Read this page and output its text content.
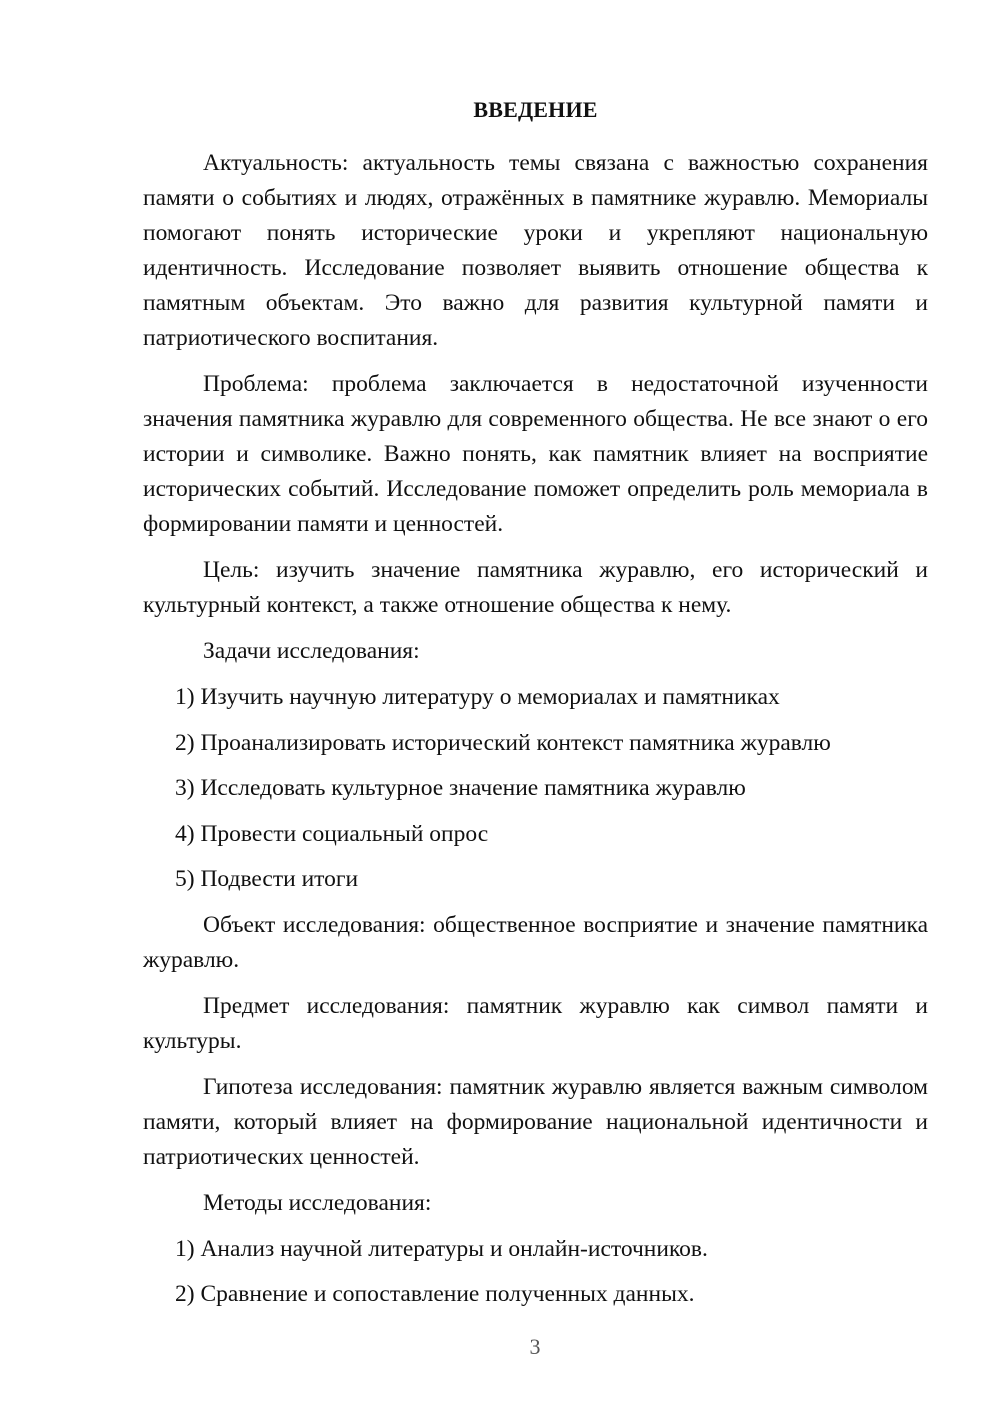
ВВЕДЕНИЕ

Актуальность: актуальность темы связана с важностью сохранения памяти о событиях и людях, отражённых в памятнике журавлю. Мемориалы помогают понять исторические уроки и укрепляют национальную идентичность. Исследование позволяет выявить отношение общества к памятным объектам. Это важно для развития культурной памяти и патриотического воспитания.

Проблема: проблема заключается в недостаточной изученности значения памятника журавлю для современного общества. Не все знают о его истории и символике. Важно понять, как памятник влияет на восприятие исторических событий. Исследование поможет определить роль мемориала в формировании памяти и ценностей.

Цель: изучить значение памятника журавлю, его исторический и культурный контекст, а также отношение общества к нему.

Задачи исследования:

1) Изучить научную литературу о мемориалах и памятниках
2) Проанализировать исторический контекст памятника журавлю
3) Исследовать культурное значение памятника журавлю
4) Провести социальный опрос
5) Подвести итоги

Объект исследования: общественное восприятие и значение памятника журавлю.

Предмет исследования: памятник журавлю как символ памяти и культуры.

Гипотеза исследования: памятник журавлю является важным символом памяти, который влияет на формирование национальной идентичности и патриотических ценностей.

Методы исследования:

1) Анализ научной литературы и онлайн-источников.
2) Сравнение и сопоставление полученных данных.
3
